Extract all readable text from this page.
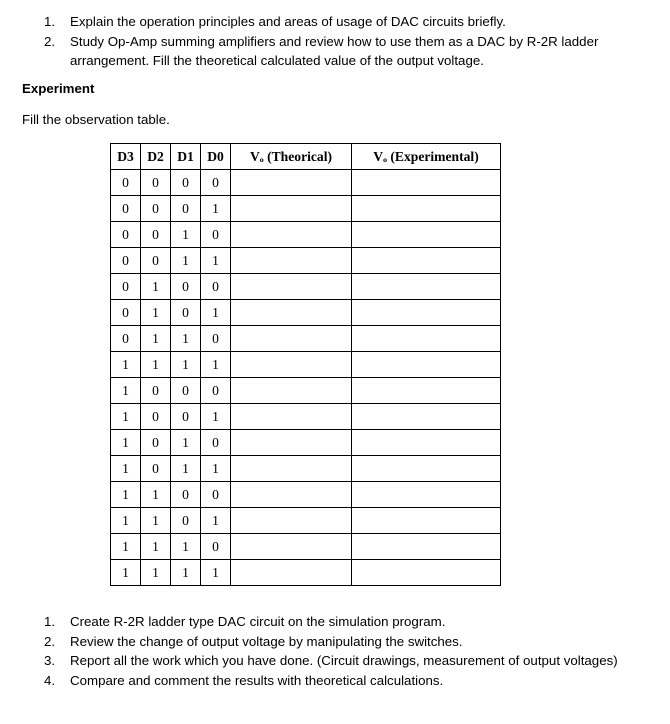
1. Explain the operation principles and areas of usage of DAC circuits briefly.
2. Study Op-Amp summing amplifiers and review how to use them as a DAC by R-2R ladder arrangement. Fill the theoretical calculated value of the output voltage.
Experiment
Fill the observation table.
D3	D2	D1	D0	Vₒ (Theorical)	Vₒ (Experimental)
0	0	0	0		
0	0	0	1		
0	0	1	0		
0	0	1	1		
0	1	0	0		
0	1	0	1		
0	1	1	0		
1	1	1	1		
1	0	0	0		
1	0	0	1		
1	0	1	0		
1	0	1	1		
1	1	0	0		
1	1	0	1		
1	1	1	0		
1	1	1	1		
1. Create R-2R ladder type DAC circuit on the simulation program.
2. Review the change of output voltage by manipulating the switches.
3. Report all the work which you have done. (Circuit drawings, measurement of output voltages)
4. Compare and comment the results with theoretical calculations.
